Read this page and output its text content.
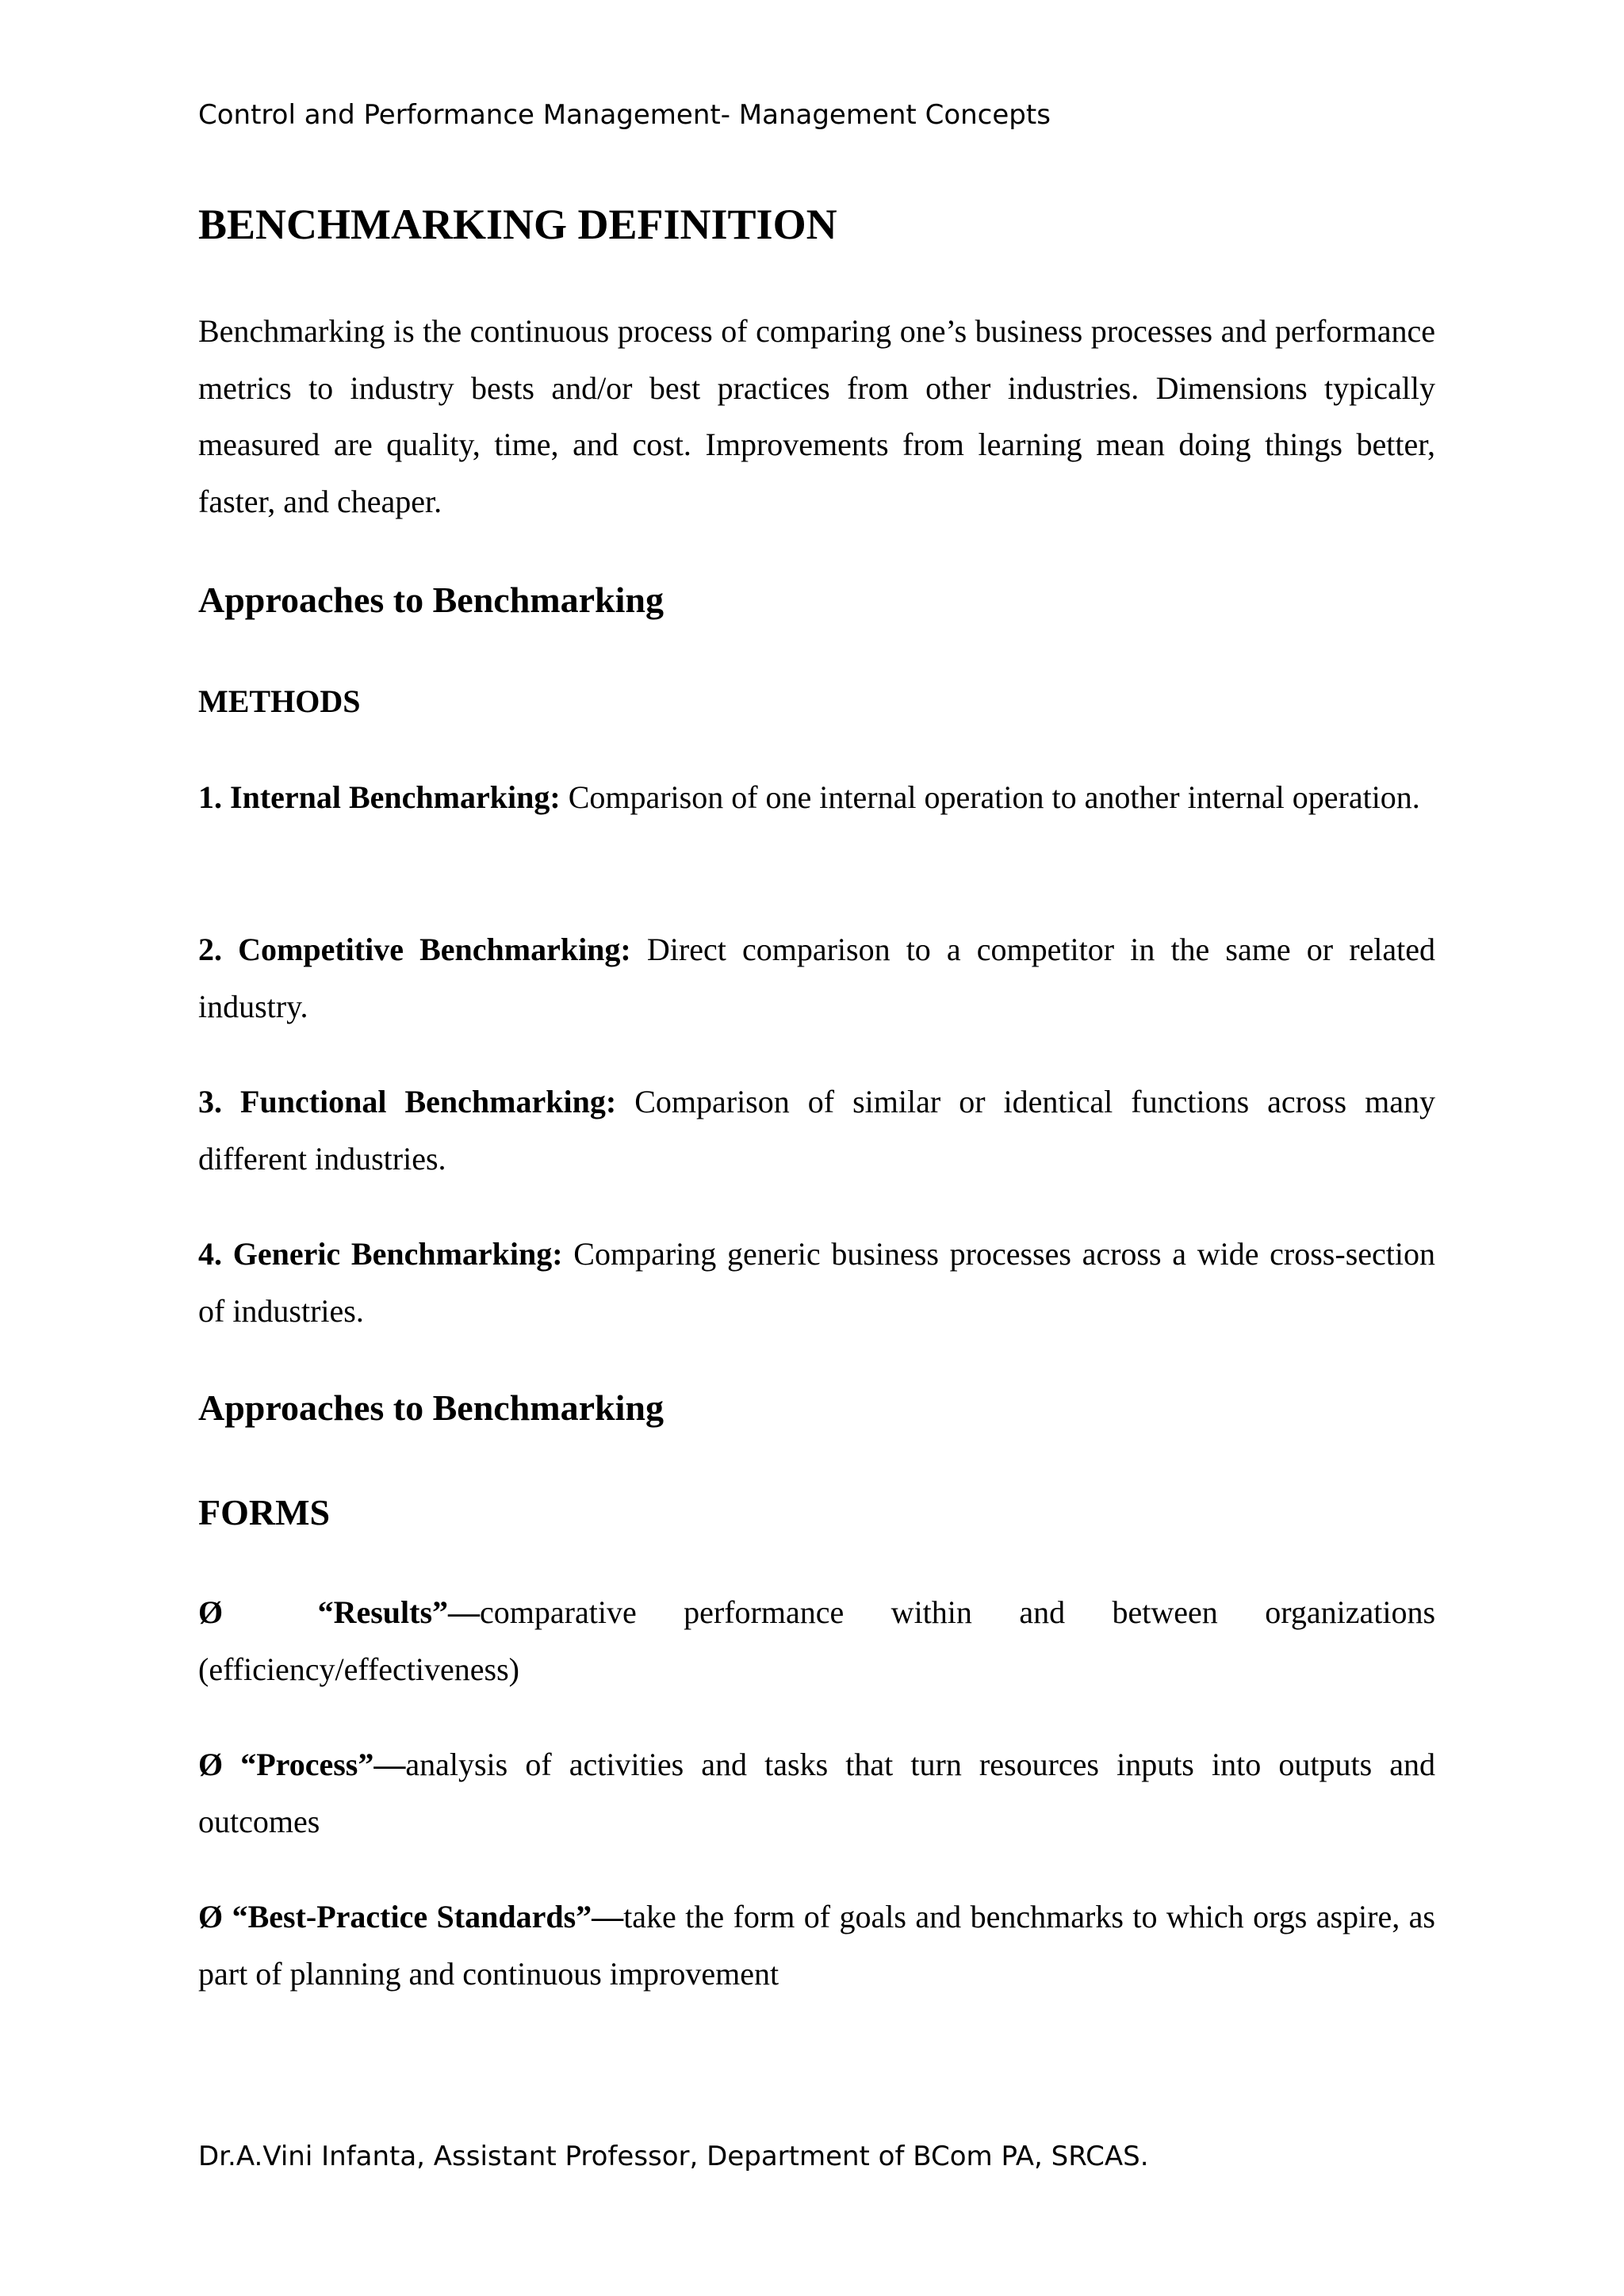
Control and Performance Management- Management Concepts
BENCHMARKING DEFINITION
Benchmarking is the continuous process of comparing one’s business processes and performance metrics to industry bests and/or best practices from other industries. Dimensions typically measured are quality, time, and cost. Improvements from learning mean doing things better, faster, and cheaper.
Approaches to Benchmarking
METHODS
1. Internal Benchmarking: Comparison of one internal operation to another internal operation.
2. Competitive Benchmarking: Direct comparison to a competitor in the same or related industry.
3. Functional Benchmarking: Comparison of similar or identical functions across many different industries.
4. Generic Benchmarking: Comparing generic business processes across a wide cross-section of industries.
Approaches to Benchmarking
FORMS
Ø	“Results”—comparative performance within and between organizations (efficiency/effectiveness)
Ø “Process”—analysis of activities and tasks that turn resources inputs into outputs and outcomes
Ø “Best-Practice Standards”—take the form of goals and benchmarks to which orgs aspire, as part of planning and continuous improvement
Dr.A.Vini Infanta, Assistant Professor, Department of BCom PA, SRCAS.
